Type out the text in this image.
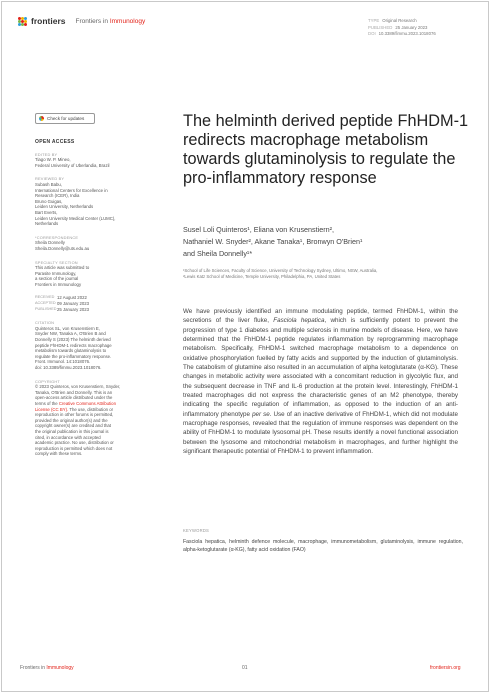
frontiers Frontiers in Immunology	TYPE Original Research
PUBLISHED 25 January 2023
DOI 10.3389/fimmu.2023.1018076
Check for updates
OPEN ACCESS
EDITED BY
Tiago W. P. Mineo,
Federal University of Uberlandia, Brazil
REVIEWED BY
Subash Babu,
International Centers for Excellence in
Research (ICER), India
Bruno Guigas,
Leiden University, Netherlands
Bart Everts,
Leiden University Medical Center (LUMC),
Netherlands
*CORRESPONDENCE
Sheila Donnelly
Sheila.Donnelly@uts.edu.au
SPECIALTY SECTION
This article was submitted to
Parasite Immunology,
a section of the journal
Frontiers in Immunology
RECEIVED 12 August 2022
ACCEPTED 09 January 2023
PUBLISHED 25 January 2023
CITATION
Quinteros SL, von Krusenstiern E,
Snyder NW, Tanaka A, O'Brien B and
Donnelly S (2023) The helminth derived
peptide FhHDM-1 redirects macrophage
metabolism towards glutaminolysis to
regulate the pro-inflammatory response.
Front. Immunol. 14:1018076.
doi: 10.3389/fimmu.2023.1018076.
COPYRIGHT
© 2023 Quinteros, von Krusenstiern, Snyder,
Tanaka, O'Brien and Donnelly. This is an
open-access article distributed under the
terms of the Creative Commons Attribution
License (CC BY). The use, distribution or
reproduction in other forums is permitted,
provided the original author(s) and the
copyright owner(s) are credited and that
the original publication in this journal is
cited, in accordance with accepted
academic practice. No use, distribution or
reproduction is permitted which does not
comply with these terms.
The helminth derived peptide FhHDM-1 redirects macrophage metabolism towards glutaminolysis to regulate the pro-inflammatory response
Susel Loli Quinteros¹, Eliana von Krusenstiern²,
Nathaniel W. Snyder², Akane Tanaka¹, Bronwyn O'Brien¹
and Sheila Donnelly¹*
¹School of Life Sciences, Faculty of Science, University of Technology Sydney, Ultimo, NSW, Australia,
²Lewis Katz School of Medicine, Temple University, Philadelphia, PA, United States
We have previously identified an immune modulating peptide, termed FhHDM-1, within the secretions of the liver fluke, Fasciola hepatica, which is sufficiently potent to prevent the progression of type 1 diabetes and multiple sclerosis in murine models of disease. Here, we have determined that the FhHDM-1 peptide regulates inflammation by reprogramming macrophage metabolism. Specifically, FhHDM-1 switched macrophage metabolism to a dependence on oxidative phosphorylation fuelled by fatty acids and supported by the induction of glutaminolysis. The catabolism of glutamine also resulted in an accumulation of alpha ketoglutarate (α-KG). These changes in metabolic activity were associated with a concomitant reduction in glycolytic flux, and the subsequent decrease in TNF and IL-6 production at the protein level. Interestingly, FhHDM-1 treated macrophages did not express the characteristic genes of an M2 phenotype, thereby indicating the specific regulation of inflammation, as opposed to the induction of an anti-inflammatory phenotype per se. Use of an inactive derivative of FhHDM-1, which did not modulate macrophage responses, revealed that the regulation of immune responses was dependent on the ability of FhHDM-1 to modulate lysosomal pH. These results identify a novel functional association between the lysosome and mitochondrial metabolism in macrophages, and further highlight the significant therapeutic potential of FhHDM-1 to prevent inflammation.
KEYWORDS
Fasciola hepatica, helminth defence molecule, macrophage, immunometabolism, glutaminolysis, immune regulation, alpha-ketoglutarate (α-KG), fatty acid oxidation (FAO)
Frontiers in Immunology	01	frontiersin.org
